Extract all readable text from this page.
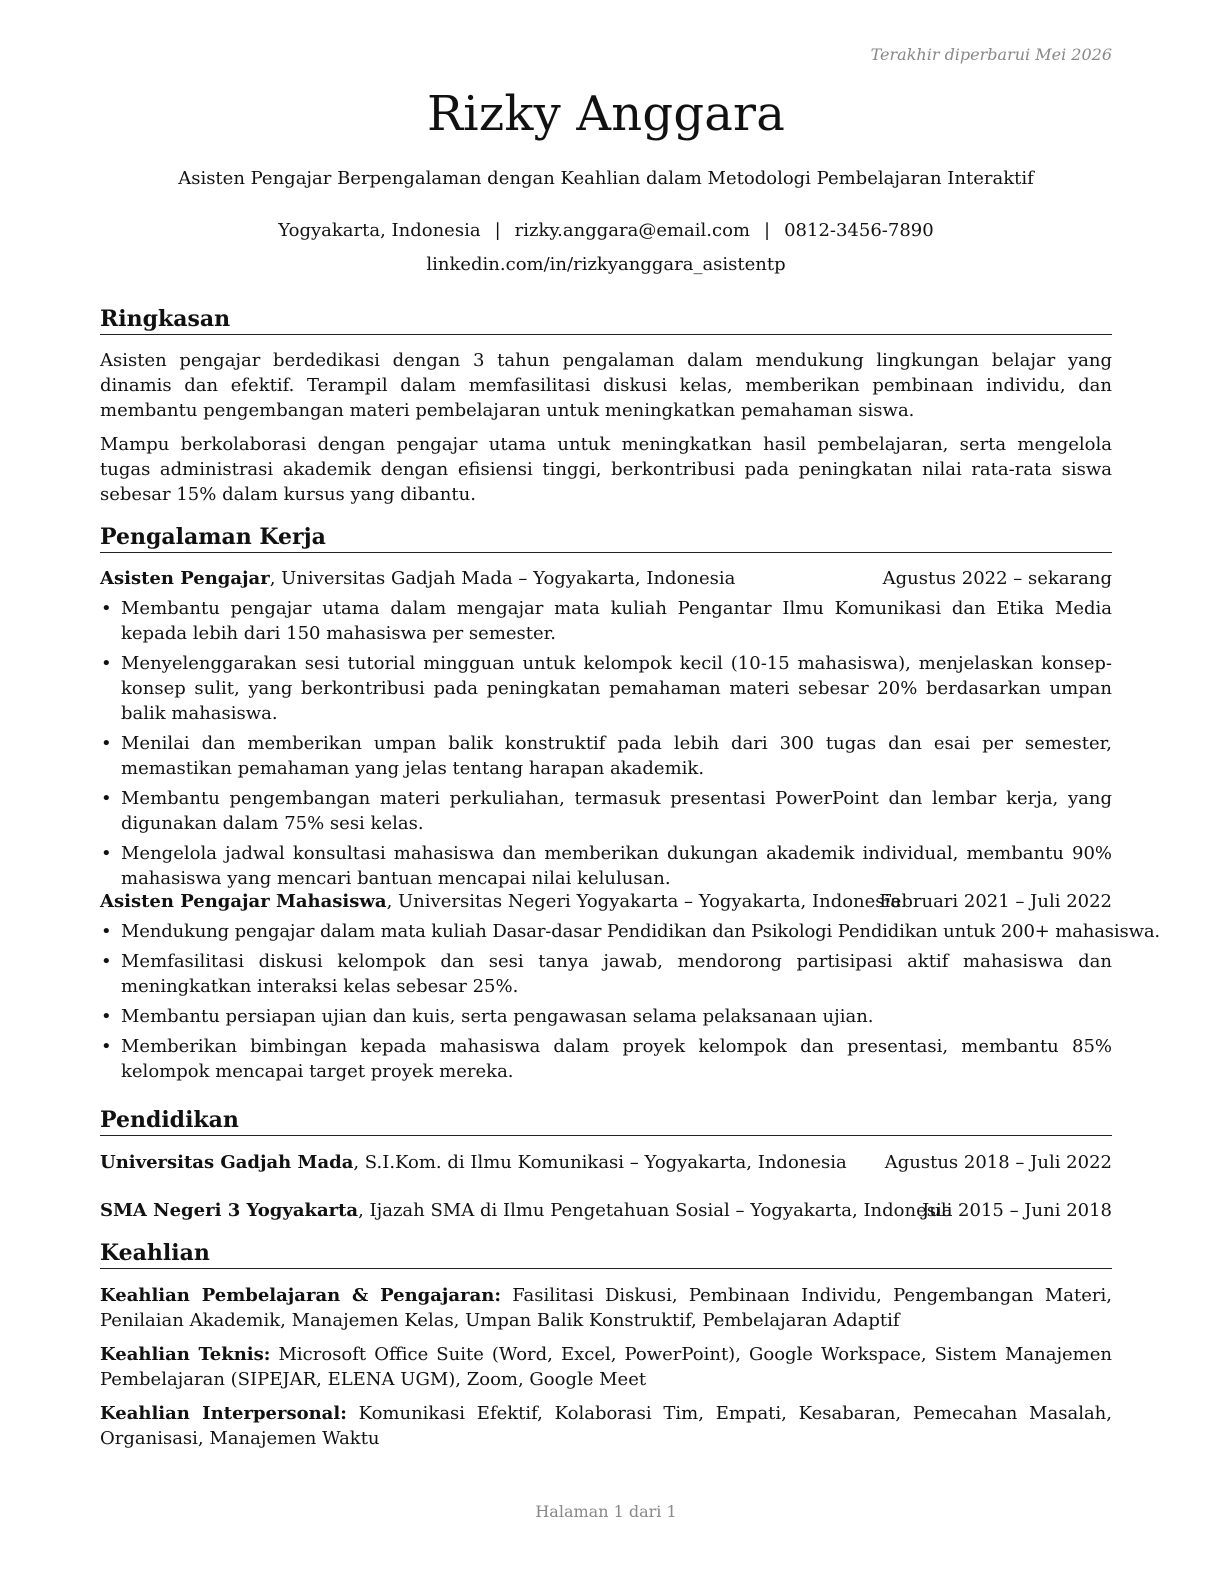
Terakhir diperbarui Mei 2026
Rizky Anggara
Asisten Pengajar Berpengalaman dengan Keahlian dalam Metodologi Pembelajaran Interaktif
Yogyakarta, Indonesia | rizky.anggara@email.com | 0812-3456-7890
linkedin.com/in/rizkyanggara_asistentp
Ringkasan
Asisten pengajar berdedikasi dengan 3 tahun pengalaman dalam mendukung lingkungan belajar yang dinamis dan efektif. Terampil dalam memfasilitasi diskusi kelas, memberikan pembinaan individu, dan membantu pengembangan materi pembelajaran untuk meningkatkan pemahaman siswa.
Mampu berkolaborasi dengan pengajar utama untuk meningkatkan hasil pembelajaran, serta mengelola tugas administrasi akademik dengan efisiensi tinggi, berkontribusi pada peningkatan nilai rata-rata siswa sebesar 15% dalam kursus yang dibantu.
Pengalaman Kerja
Asisten Pengajar, Universitas Gadjah Mada – Yogyakarta, Indonesia	Agustus 2022 – sekarang
• Membantu pengajar utama dalam mengajar mata kuliah Pengantar Ilmu Komunikasi dan Etika Media kepada lebih dari 150 mahasiswa per semester.
• Menyelenggarakan sesi tutorial mingguan untuk kelompok kecil (10-15 mahasiswa), menjelaskan konsep-konsep sulit, yang berkontribusi pada peningkatan pemahaman materi sebesar 20% berdasarkan umpan balik mahasiswa.
• Menilai dan memberikan umpan balik konstruktif pada lebih dari 300 tugas dan esai per semester, memastikan pemahaman yang jelas tentang harapan akademik.
• Membantu pengembangan materi perkuliahan, termasuk presentasi PowerPoint dan lembar kerja, yang digunakan dalam 75% sesi kelas.
• Mengelola jadwal konsultasi mahasiswa dan memberikan dukungan akademik individual, membantu 90% mahasiswa yang mencari bantuan mencapai nilai kelulusan.
Asisten Pengajar Mahasiswa, Universitas Negeri Yogyakarta – Yogyakarta, Indonesia
Februari 2021 – Juli 2022
• Mendukung pengajar dalam mata kuliah Dasar-dasar Pendidikan dan Psikologi Pendidikan untuk 200+ mahasiswa.
• Memfasilitasi diskusi kelompok dan sesi tanya jawab, mendorong partisipasi aktif mahasiswa dan meningkatkan interaksi kelas sebesar 25%.
• Membantu persiapan ujian dan kuis, serta pengawasan selama pelaksanaan ujian.
• Memberikan bimbingan kepada mahasiswa dalam proyek kelompok dan presentasi, membantu 85% kelompok mencapai target proyek mereka.
Pendidikan
Universitas Gadjah Mada, S.I.Kom. di Ilmu Komunikasi – Yogyakarta, Indonesia Agustus 2018 – Juli 2022
SMA Negeri 3 Yogyakarta, Ijazah SMA di Ilmu Pengetahuan Sosial – Yogyakarta, Indonesia
Juli 2015 – Juni 2018
Keahlian
Keahlian Pembelajaran & Pengajaran: Fasilitasi Diskusi, Pembinaan Individu, Pengembangan Materi, Penilaian Akademik, Manajemen Kelas, Umpan Balik Konstruktif, Pembelajaran Adaptif
Keahlian Teknis: Microsoft Office Suite (Word, Excel, PowerPoint), Google Workspace, Sistem Manajemen Pembelajaran (SIPEJAR, ELENA UGM), Zoom, Google Meet
Keahlian Interpersonal: Komunikasi Efektif, Kolaborasi Tim, Empati, Kesabaran, Pemecahan Masalah, Organisasi, Manajemen Waktu
Halaman 1 dari 1
